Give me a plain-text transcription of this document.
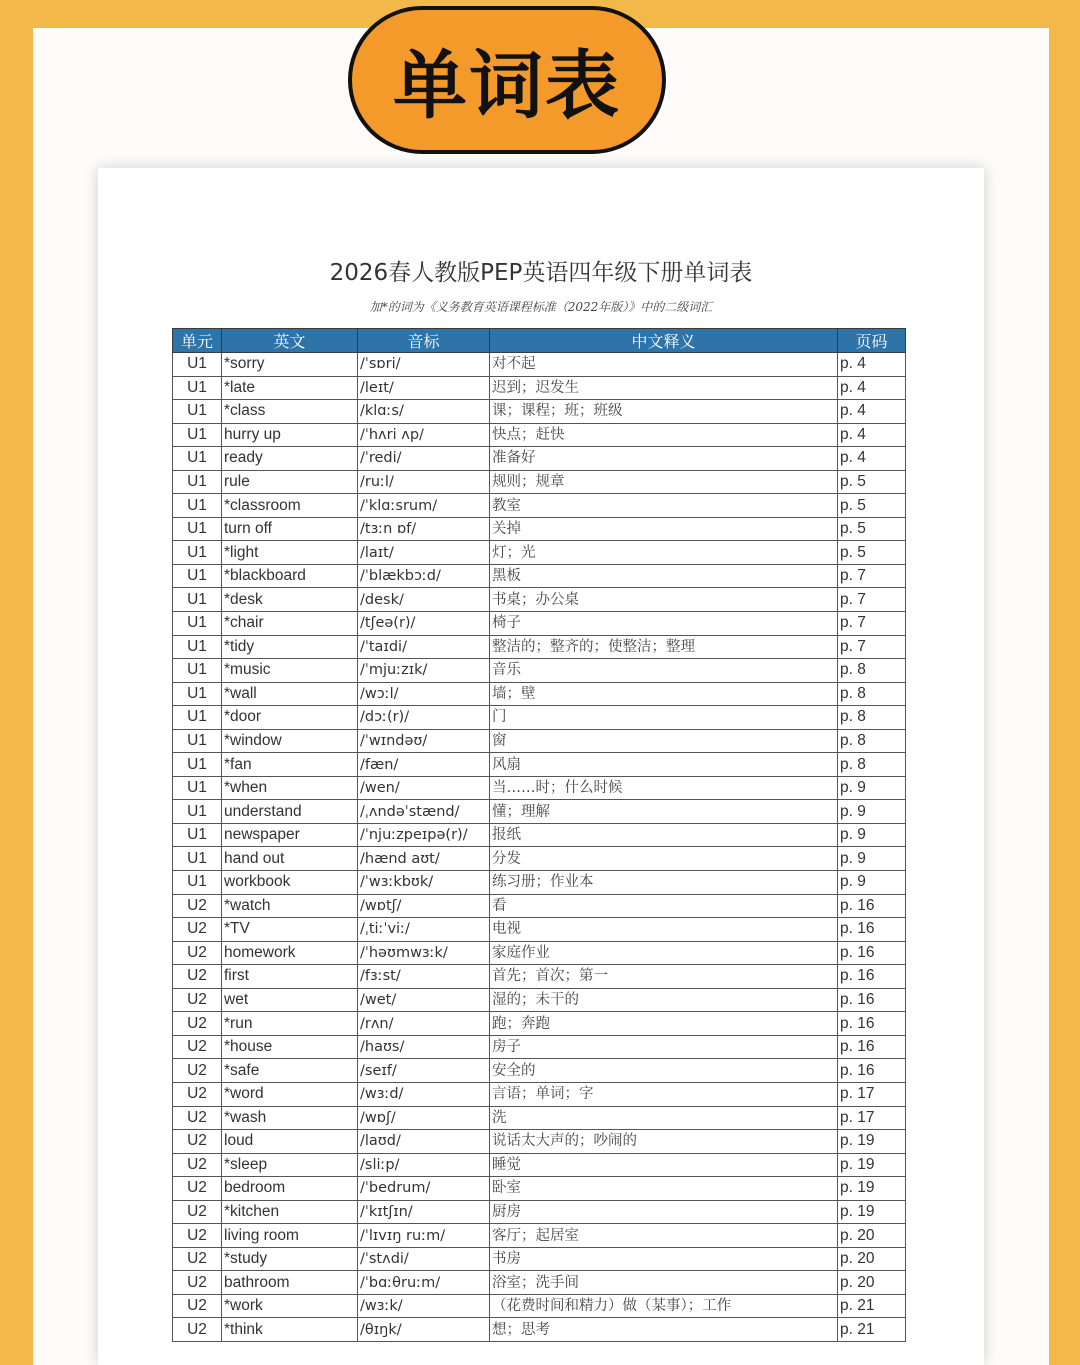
单词表
2026春人教版PEP英语四年级下册单词表
加*的词为《义务教育英语课程标准（2022年版）》中的二级词汇
单元	英文	音标	中文释义	页码
U1	*sorry	/ˈsɒri/	对不起	p. 4
U1	*late	/leɪt/	迟到；迟发生	p. 4
U1	*class	/klɑːs/	课；课程；班；班级	p. 4
U1	hurry up	/ˈhʌri ʌp/	快点；赶快	p. 4
U1	ready	/ˈredi/	准备好	p. 4
U1	rule	/ruːl/	规则；规章	p. 5
U1	*classroom	/ˈklɑːsrum/	教室	p. 5
U1	turn off	/tɜːn ɒf/	关掉	p. 5
U1	*light	/laɪt/	灯；光	p. 5
U1	*blackboard	/ˈblækbɔːd/	黑板	p. 7
U1	*desk	/desk/	书桌；办公桌	p. 7
U1	*chair	/tʃeə(r)/	椅子	p. 7
U1	*tidy	/ˈtaɪdi/	整洁的；整齐的；使整洁；整理	p. 7
U1	*music	/ˈmjuːzɪk/	音乐	p. 8
U1	*wall	/wɔːl/	墙；壁	p. 8
U1	*door	/dɔː(r)/	门	p. 8
U1	*window	/ˈwɪndəʊ/	窗	p. 8
U1	*fan	/fæn/	风扇	p. 8
U1	*when	/wen/	当……时；什么时候	p. 9
U1	understand	/ˌʌndəˈstænd/	懂；理解	p. 9
U1	newspaper	/ˈnjuːzpeɪpə(r)/	报纸	p. 9
U1	hand out	/hænd aʊt/	分发	p. 9
U1	workbook	/ˈwɜːkbʊk/	练习册；作业本	p. 9
U2	*watch	/wɒtʃ/	看	p. 16
U2	*TV	/ˌtiːˈviː/	电视	p. 16
U2	homework	/ˈhəʊmwɜːk/	家庭作业	p. 16
U2	first	/fɜːst/	首先；首次；第一	p. 16
U2	wet	/wet/	湿的；未干的	p. 16
U2	*run	/rʌn/	跑；奔跑	p. 16
U2	*house	/haʊs/	房子	p. 16
U2	*safe	/seɪf/	安全的	p. 16
U2	*word	/wɜːd/	言语；单词；字	p. 17
U2	*wash	/wɒʃ/	洗	p. 17
U2	loud	/laʊd/	说话太大声的；吵闹的	p. 19
U2	*sleep	/sliːp/	睡觉	p. 19
U2	bedroom	/ˈbedrum/	卧室	p. 19
U2	*kitchen	/ˈkɪtʃɪn/	厨房	p. 19
U2	living room	/ˈlɪvɪŋ ruːm/	客厅；起居室	p. 20
U2	*study	/ˈstʌdi/	书房	p. 20
U2	bathroom	/ˈbɑːθruːm/	浴室；洗手间	p. 20
U2	*work	/wɜːk/	（花费时间和精力）做（某事）；工作	p. 21
U2	*think	/θɪŋk/	想；思考	p. 21
